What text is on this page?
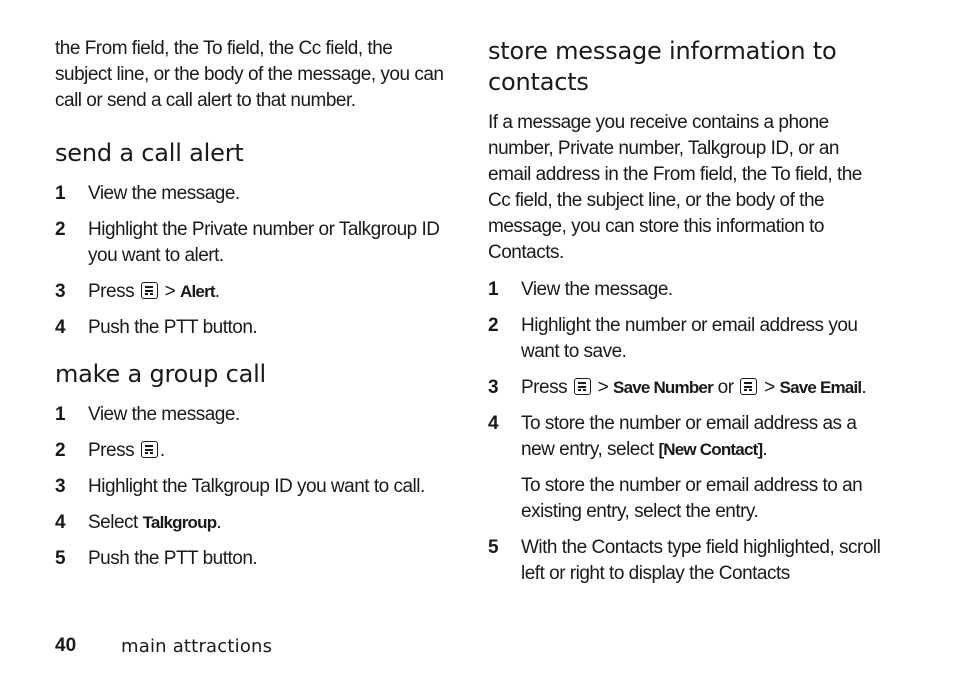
the From field, the To field, the Cc field, the subject line, or the body of the message, you can call or send a call alert to that number.

send a call alert
1	View the message.
2	Highlight the Private number or Talkgroup ID you want to alert.
3	Press > Alert.
4	Push the PTT button.
make a group call
1	View the message.
2	Press .
3	Highlight the Talkgroup ID you want to call.
4	Select Talkgroup.
5	Push the PTT button.
store message information to contacts

If a message you receive contains a phone number, Private number, Talkgroup ID, or an email address in the From field, the To field, the Cc field, the subject line, or the body of the message, you can store this information to Contacts.

1	View the message.
2	Highlight the number or email address you want to save.
3	Press > Save Number or > Save Email.
4	To store the number or email address as a new entry, select [New Contact].
To store the number or email address to an existing entry, select the entry.
5	With the Contacts type field highlighted, scroll left or right to display the Contacts
40 main attractions
